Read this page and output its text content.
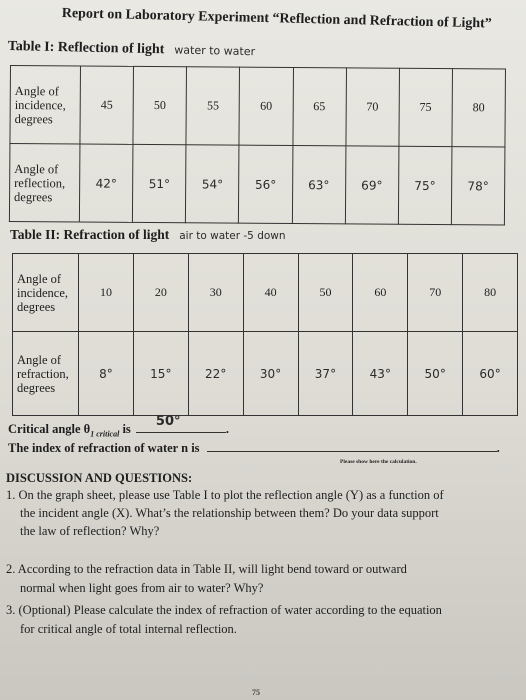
Report on Laboratory Experiment “Reflection and Refraction of Light”
Table I: Reflection of light water to water
Angle of
incidence,
degrees	45	50	55	60	65	70	75	80

Angle of
reflection,
degrees	42°	51°	54°	56°	63°	69°	75°	78°
Table II: Refraction of light air to water -5 down
Angle of
incidence,
degrees	10	20	30	40	50	60	70	80

Angle of
refraction,
degrees	8°	15°	22°	30°	37°	43°	50°	60°
Critical angle $\theta_{1 critical}$ is 50°	.
The index of refraction of water n is	.
Please show here the calculation.
DISCUSSION AND QUESTIONS:
1. On the graph sheet, please use Table I to plot the reflection angle (Y) as a function of
the incident angle (X). What’s the relationship between them? Do your data support
the law of reflection? Why?
2. According to the refraction data in Table II, will light bend toward or outward
normal when light goes from air to water? Why?
3. (Optional) Please calculate the index of refraction of water according to the equation
for critical angle of total internal reflection.
75
